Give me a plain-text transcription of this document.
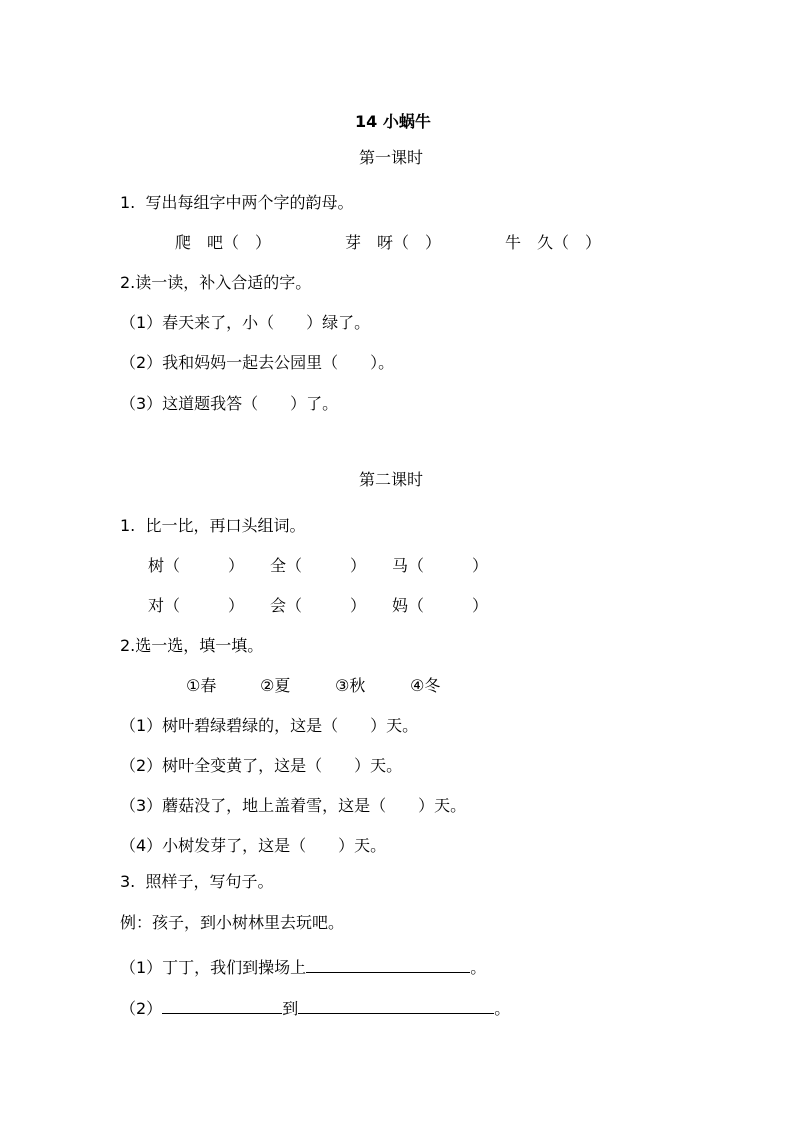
14 小蜗牛
第一课时
1. 写出每组字中两个字的韵母。
爬　吧（　）	芽　呀（　）	牛　久（　）
2.读一读，补入合适的字。
（1）春天来了，小（　　）绿了。
（2）我和妈妈一起去公园里（　　）。
（3）这道题我答（　　）了。
第二课时
1. 比一比，再口头组词。
树（　　　） 全（　　　） 马（　　　）
对（　　　） 会（　　　） 妈（　　　）
2.选一选，填一填。
①春	②夏	③秋	④冬
（1）树叶碧绿碧绿的，这是（　　）天。
（2）树叶全变黄了，这是（　　）天。
（3）蘑菇没了，地上盖着雪，这是（　　）天。
（4）小树发芽了，这是（　　）天。
3. 照样子，写句子。
例：孩子，到小树林里去玩吧。
（1）丁丁，我们到操场上	。
（2）	到	。
